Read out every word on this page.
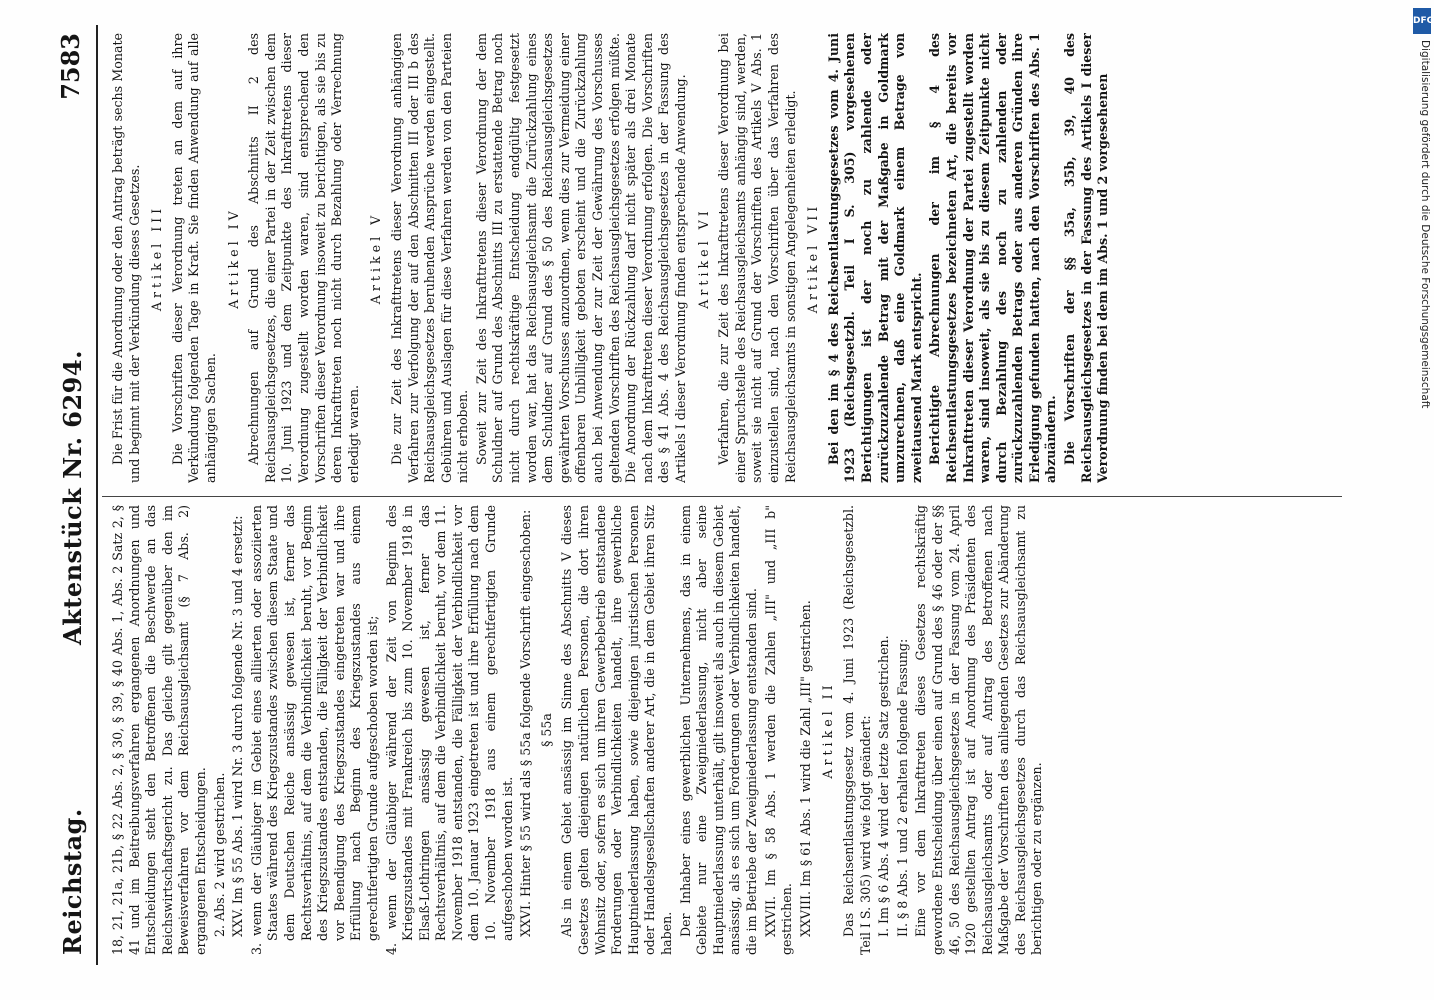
Reichstag.
Aktenstück Nr. 6294.
7583

18, 21, 21a, 21b, § 22 Abs. 2, § 30, § 39, § 40 Abs. 1, Abs. 2 Satz 2, § 41 und im Beitreibungsverfahren ergangenen Anordnungen und Entscheidungen steht den Betroffenen die Beschwerde an das Reichswirtschaftsgericht zu. Das gleiche gilt gegenüber den im Beweisverfahren vor dem Reichsausgleichsamt (§ 7 Abs. 2) ergangenen Entscheidungen. 2. Abs. 2 wird gestrichen. XXV. Im § 55 Abs. 1 wird Nr. 3 durch folgende Nr. 3 und 4 ersetzt: 3. wenn der Gläubiger im Gebiet eines alliierten oder assoziierten Staates während des Kriegszustandes zwischen diesem Staate und dem Deutschen Reiche ansässig gewesen ist, ferner das Rechtsverhältnis, auf dem die Verbindlichkeit beruht, vor Beginn des Kriegszustandes entstanden, die Fälligkeit der Verbindlichkeit vor Beendigung des Kriegszustandes eingetreten war und ihre Erfüllung nach Beginn des Kriegszustandes aus einem gerechtfertigten Grunde aufgeschoben worden ist; 4. wenn der Gläubiger während der Zeit von Beginn des Kriegszustandes mit Frankreich bis zum 10. November 1918 in Elsaß-Lothringen ansässig gewesen ist, ferner das Rechtsverhältnis, auf dem die Verbindlichkeit beruht, vor dem 11. November 1918 entstanden, die Fälligkeit der Verbindlichkeit vor dem 10. Januar 1923 eingetreten ist und ihre Erfüllung nach dem 10. November 1918 aus einem gerechtfertigten Grunde aufgeschoben worden ist. XXVI. Hinter § 55 wird als § 55a folgende Vorschrift eingeschoben: § 55a Als in einem Gebiet ansässig im Sinne des Abschnitts V dieses Gesetzes gelten diejenigen natürlichen Personen, die dort ihren Wohnsitz oder, sofern es sich um ihren Gewerbebetrieb entstandene Forderungen oder Verbindlichkeiten handelt, ihre gewerbliche Hauptniederlassung haben, sowie diejenigen juristischen Personen oder Handelsgesellschaften anderer Art, die in dem Gebiet ihren Sitz haben. Der Inhaber eines gewerblichen Unternehmens, das in einem Gebiete nur eine Zweigniederlassung, nicht aber seine Hauptniederlassung unterhält, gilt insoweit als auch in diesem Gebiet ansässig, als es sich um Forderungen oder Verbindlichkeiten handelt, die im Betriebe der Zweigniederlassung entstanden sind. XXVII. Im § 58 Abs. 1 werden die Zahlen „III" und „III b" gestrichen. XXVIII. Im § 61 Abs. 1 wird die Zahl „III" gestrichen. Artikel II Das Reichsentlastungsgesetz vom 4. Juni 1923 (Reichsgesetzbl. Teil I S. 305) wird wie folgt geändert: I. Im § 6 Abs. 4 wird der letzte Satz gestrichen. II. § 8 Abs. 1 und 2 erhalten folgende Fassung: Eine vor dem Inkrafttreten dieses Gesetzes rechtskräftig gewordene Entscheidung über einen auf Grund des § 46 oder der §§ 46, 50 des Reichsausgleichsgesetzes in der Fassung vom 24. April 1920 gestellten Antrag ist auf Anordnung des Präsidenten des Reichsausgleichsamts oder auf Antrag des Betroffenen nach Maßgabe der Vorschriften des anliegenden Gesetzes zur Abänderung des Reichsausgleichsgesetzes durch das Reichsausgleichsamt zu berichtigen oder zu ergänzen.

Die Frist für die Anordnung oder den Antrag beträgt sechs Monate und beginnt mit der Verkündung dieses Gesetzes. Artikel III Die Vorschriften dieser Verordnung treten an dem auf ihre Verkündung folgenden Tage in Kraft. Sie finden Anwendung auf alle anhängigen Sachen.

Artikel IV Abrechnungen auf Grund des Abschnitts II 2 des Reichsausgleichsgesetzes, die einer Partei in der Zeit zwischen dem 10. Juni 1923 und dem Zeitpunkte des Inkrafttretens dieser Verordnung zugestellt worden waren, sind entsprechend den Vorschriften dieser Verordnung insoweit zu berichtigen, als sie bis zu deren Inkrafttreten noch nicht durch Bezahlung oder Verrechnung erledigt waren.

Artikel V Die zur Zeit des Inkrafttretens dieser Verordnung anhängigen Verfahren zur Verfolgung der auf den Abschnitten III oder III b des Reichsausgleichsgesetzes beruhenden Ansprüche werden eingestellt. Gebühren und Auslagen für diese Verfahren werden von den Parteien nicht erhoben. Soweit zur Zeit des Inkrafttretens dieser Verordnung der dem Schuldner auf Grund des Abschnitts III zu erstattende Betrag noch nicht durch rechtskräftige Entscheidung endgültig festgesetzt worden war, hat das Reichsausgleichsamt die Zurückzahlung eines dem Schuldner auf Grund des § 50 des Reichsausgleichsgesetzes gewährten Vorschusses anzuordnen, wenn dies zur Vermeidung einer offenbaren Unbilligkeit geboten erscheint und die Zurückzahlung auch bei Anwendung der zur Zeit der Gewährung des Vorschusses geltenden Vorschriften des Reichsausgleichsgesetzes erfolgen müßte. Die Anordnung der Rückzahlung darf nicht später als drei Monate nach dem Inkrafttreten dieser Verordnung erfolgen. Die Vorschriften des § 41 Abs. 4 des Reichsausgleichsgesetzes in der Fassung des Artikels I dieser Verordnung finden entsprechende Anwendung. Artikel VI Verfahren, die zur Zeit des Inkrafttretens dieser Verordnung bei einer Spruchstelle des Reichsausgleichsamts anhängig sind, werden, soweit sie nicht auf Grund der Vorschriften des Artikels V Abs. 1 einzustellen sind, nach den Vorschriften über das Verfahren des Reichsausgleichsamts in sonstigen Angelegenheiten erledigt. Artikel VII Bei den im § 4 des Reichsentlastungsgesetzes vom 4. Juni 1923 (Reichsgesetzbl. Teil I S. 305) vorgesehenen Berichtigungen ist der noch zu zahlende oder zurückzuzahlende Betrag mit der Maßgabe in Goldmark umzurechnen, daß eine Goldmark einem Betrage von zweitausend Mark entspricht. Berichtigte Abrechnungen der im § 4 des Reichsentlastungsgesetzes bezeichneten Art, die bereits vor Inkrafttreten dieser Verordnung der Partei zugestellt worden waren, sind insoweit, als sie bis zu diesem Zeitpunkte nicht durch Bezahlung des noch zu zahlenden oder zurückzuzahlenden Betrags oder aus anderen Gründen ihre Erledigung gefunden hatten, nach den Vorschriften des Abs. 1 abzuändern. Die Vorschriften der §§ 35a, 35b, 39, 40 des Reichsausgleichsgesetzes in der Fassung des Artikels I dieser Verordnung finden bei dem im Abs. 1 und 2 vorgesehenen

DFG
Digitalisierung gefördert durch die Deutsche Forschungsgemeinschaft
